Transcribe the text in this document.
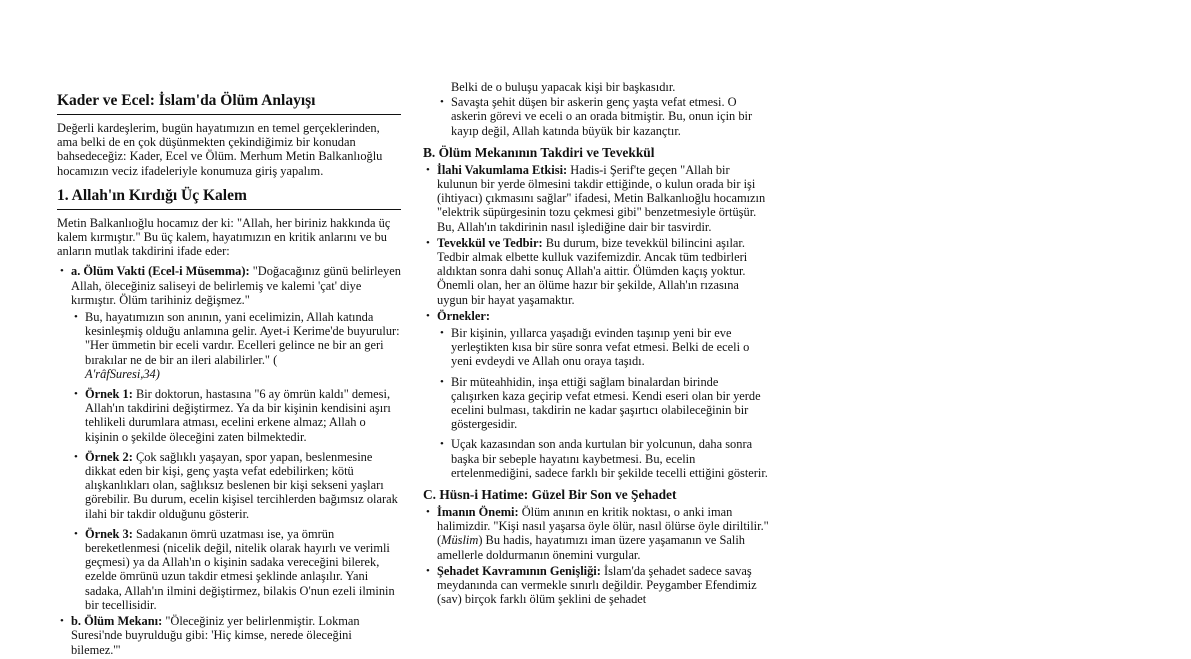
Kader ve Ecel: İslam'da Ölüm Anlayışı

Değerli kardeşlerim, bugün hayatımızın en temel gerçeklerinden, ama belki de en çok düşünmekten çekindiğimiz bir konudan bahsedeceğiz: Kader, Ecel ve Ölüm. Merhum Metin Balkanlıoğlu hocamızın veciz ifadeleriyle konumuza giriş yapalım.

1. Allah'ın Kırdığı Üç Kalem

Metin Balkanlıoğlu hocamız der ki: "Allah, her biriniz hakkında üç kalem kırmıştır." Bu üç kalem, hayatımızın en kritik anlarını ve bu anların mutlak takdirini ifade eder:

• a. Ölüm Vakti (Ecel-i Müsemma): "Doğacağınız günü belirleyen Allah, öleceğiniz saliseyi de belirlemiş ve kalemi 'çat' diye kırmıştır. Ölüm tarihiniz değişmez."
• Bu, hayatımızın son anının, yani ecelimizin, Allah katında kesinleşmiş olduğu anlamına gelir. Ayet-i Kerime'de buyurulur: "Her ümmetin bir eceli vardır. Ecelleri gelince ne bir an geri bırakılar ne de bir an ileri alabilirler." (
A′râfSuresi,34)
• Örnek 1: Bir doktorun, hastasına "6 ay ömrün kaldı" demesi, Allah'ın takdirini değiştirmez. Ya da bir kişinin kendisini aşırı tehlikeli durumlara atması, ecelini erkene almaz; Allah o kişinin o şekilde öleceğini zaten bilmektedir.
• Örnek 2: Çok sağlıklı yaşayan, spor yapan, beslenmesine dikkat eden bir kişi, genç yaşta vefat edebilirken; kötü alışkanlıkları olan, sağlıksız beslenen bir kişi sekseni yaşları görebilir. Bu durum, ecelin kişisel tercihlerden bağımsız olarak ilahi bir takdir olduğunu gösterir.
• Örnek 3: Sadakanın ömrü uzatması ise, ya ömrün bereketlenmesi (nicelik değil, nitelik olarak hayırlı ve verimli geçmesi) ya da Allah'ın o kişinin sadaka vereceğini bilerek, ezelde ömrünü uzun takdir etmesi şeklinde anlaşılır. Yani sadaka, Allah'ın ilmini değiştirmez, bilakis O'nun ezeli ilminin bir tecellisidir.
• b. Ölüm Mekanı: "Öleceğiniz yer belirlenmiştir. Lokman Suresi'nde buyrulduğu gibi: 'Hiç kimse, nerede öleceğini bilemez.'"
Belki de o buluşu yapacak kişi bir başkasıdır.
• Savaşta şehit düşen bir askerin genç yaşta vefat etmesi. O askerin görevi ve eceli o an orada bitmiştir. Bu, onun için bir kayıp değil, Allah katında büyük bir kazançtır.
B. Ölüm Mekanının Takdiri ve Tevekkül
• İlahi Vakumlama Etkisi: Hadis-i Şerif'te geçen "Allah bir kulunun bir yerde ölmesini takdir ettiğinde, o kulun orada bir işi (ihtiyacı) çıkmasını sağlar" ifadesi, Metin Balkanlıoğlu hocamızın "elektrik süpürgesinin tozu çekmesi gibi" benzetmesiyle örtüşür. Bu, Allah'ın takdirinin nasıl işlediğine dair bir tasvirdir.
• Tevekkül ve Tedbir: Bu durum, bize tevekkül bilincini aşılar. Tedbir almak elbette kulluk vazifemizdir. Ancak tüm tedbirleri aldıktan sonra dahi sonuç Allah'a aittir. Ölümden kaçış yoktur. Önemli olan, her an ölüme hazır bir şekilde, Allah'ın rızasına uygun bir hayat yaşamaktır.
• Örnekler:
• Bir kişinin, yıllarca yaşadığı evinden taşınıp yeni bir eve yerleştikten kısa bir süre sonra vefat etmesi. Belki de eceli o yeni evdeydi ve Allah onu oraya taşıdı.
• Bir müteahhidin, inşa ettiği sağlam binalardan birinde çalışırken kaza geçirip vefat etmesi. Kendi eseri olan bir yerde ecelini bulması, takdirin ne kadar şaşırtıcı olabileceğinin bir göstergesidir.
• Uçak kazasından son anda kurtulan bir yolcunun, daha sonra başka bir sebeple hayatını kaybetmesi. Bu, ecelin ertelenmediğini, sadece farklı bir şekilde tecelli ettiğini gösterir.
C. Hüsn-i Hatime: Güzel Bir Son ve Şehadet
• İmanın Önemi: Ölüm anının en kritik noktası, o anki iman halimizdir. "Kişi nasıl yaşarsa öyle ölür, nasıl ölürse öyle diriltilir." (Müslim) Bu hadis, hayatımızı iman üzere yaşamanın ve Salih amellerle doldurmanın önemini vurgular.
• Şehadet Kavramının Genişliği: İslam'da şehadet sadece savaş meydanında can vermekle sınırlı değildir. Peygamber Efendimiz (sav) birçok farklı ölüm şeklini de şehadet
